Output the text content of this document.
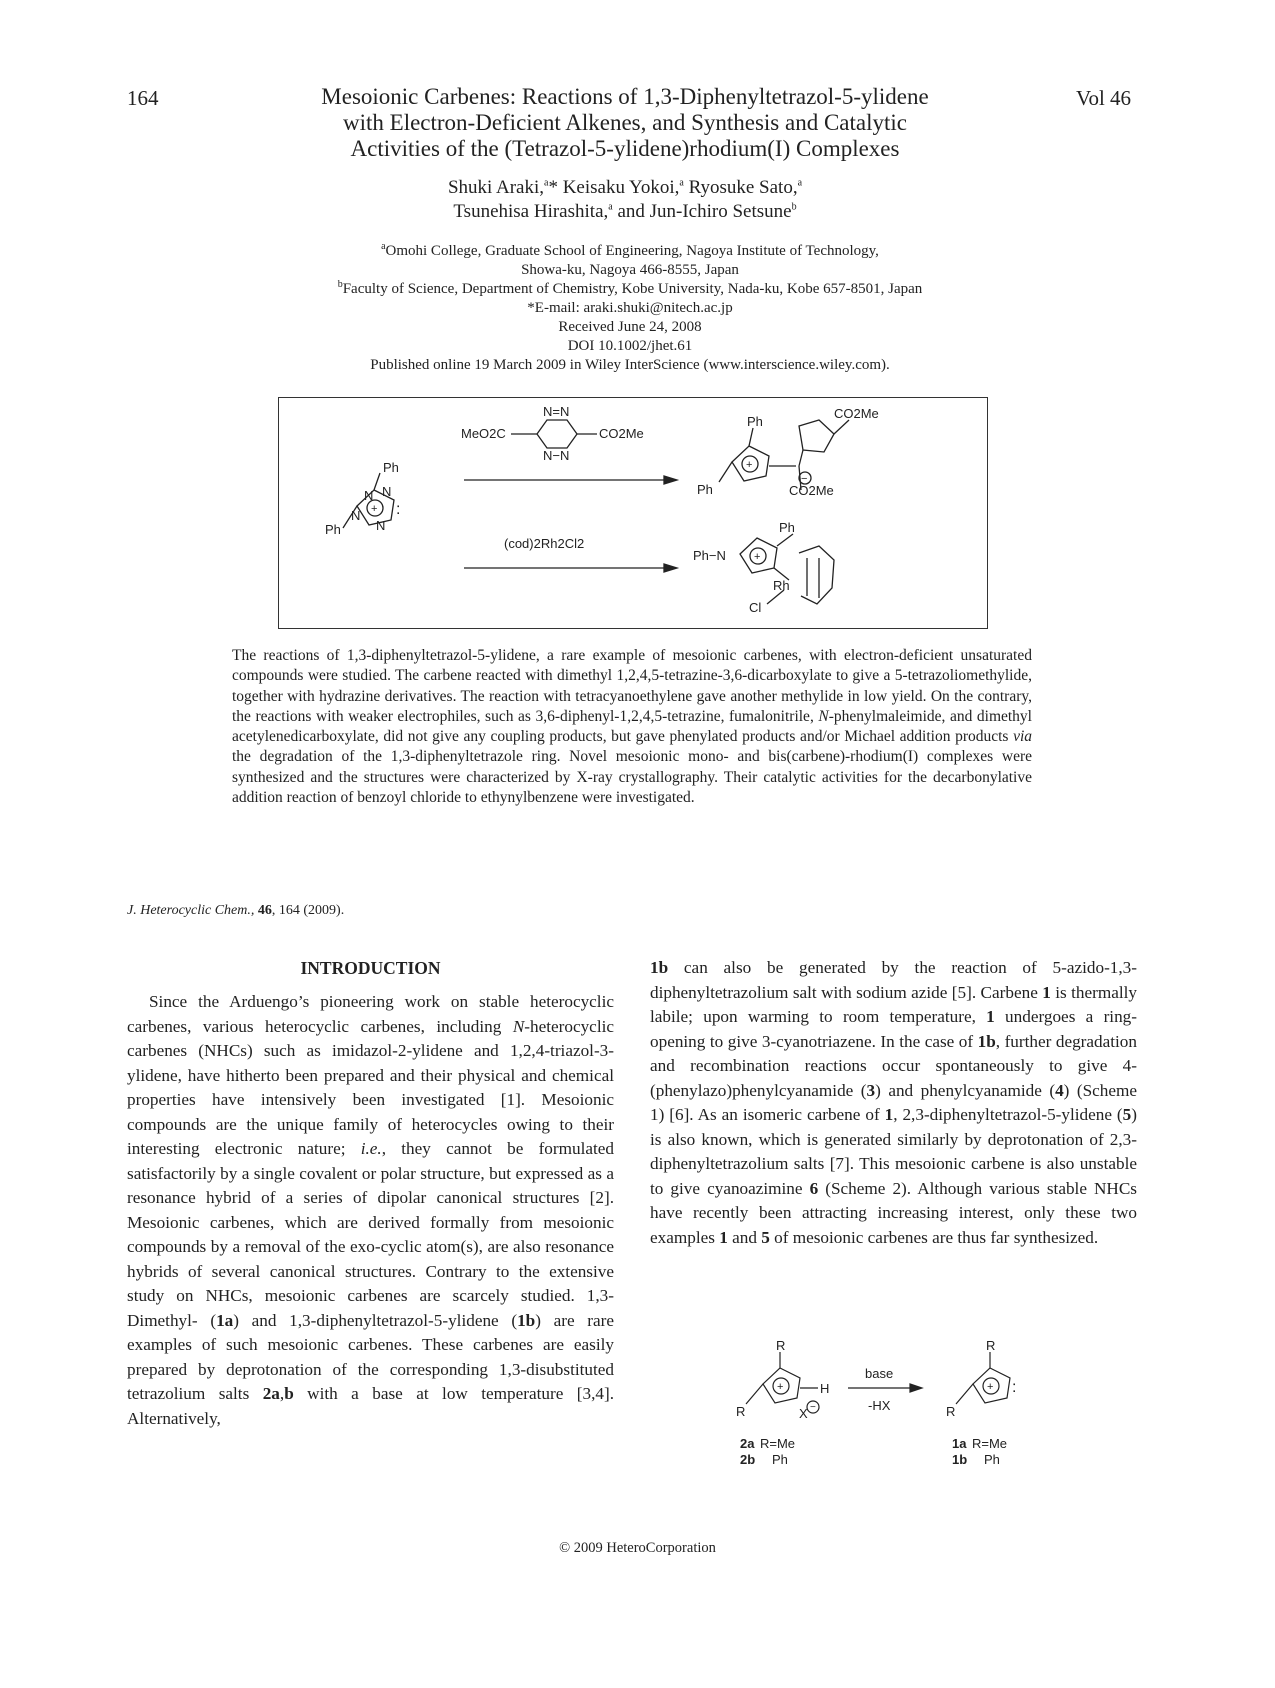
164	Vol 46
Mesoionic Carbenes: Reactions of 1,3-Diphenyltetrazol-5-ylidene
with Electron-Deficient Alkenes, and Synthesis and Catalytic
Activities of the (Tetrazol-5-ylidene)rhodium(I) Complexes
Shuki Araki,$^a$* Keisaku Yokoi,$^a$ Ryosuke Sato,$^a$
Tsunehisa Hirashita,$^a$ and Jun-Ichiro Setsune$^b$
$^a$Omohi College, Graduate School of Engineering, Nagoya Institute of Technology,
Showa-ku, Nagoya 466-8555, Japan
$^b$Faculty of Science, Department of Chemistry, Kobe University, Nada-ku, Kobe 657-8501, Japan
*E-mail: araki.shuki@nitech.ac.jp
Received June 24, 2008
DOI 10.1002/jhet.61
Published online 19 March 2009 in Wiley InterScience (www.interscience.wiley.com).
Ph
N N
N
N
+ :
Ph
N=N
N−N
MeO2C	CO2Me
(cod)2Rh2Cl2
Ph
Ph
+
−
CO2Me
CO2Me
Ph
Ph−N	+
Rh
Cl
The reactions of 1,3-diphenyltetrazol-5-ylidene, a rare example of mesoionic carbenes, with electron-deficient unsaturated compounds were studied. The carbene reacted with dimethyl 1,2,4,5-tetrazine-3,6-dicarboxylate to give a 5-tetrazoliomethylide, together with hydrazine derivatives. The reaction with tetracyanoethylene gave another methylide in low yield. On the contrary, the reactions with weaker electrophiles, such as 3,6-diphenyl-1,2,4,5-tetrazine, fumalonitrile, N-phenylmaleimide, and dimethyl acetylenedicarboxylate, did not give any coupling products, but gave phenylated products and/or Michael addition products via the degradation of the 1,3-diphenyltetrazole ring. Novel mesoionic mono- and bis(carbene)-rhodium(I) complexes were synthesized and the structures were characterized by X-ray crystallography. Their catalytic activities for the decarbonylative addition reaction of benzoyl chloride to ethynylbenzene were investigated.
J. Heterocyclic Chem., 46, 164 (2009).
INTRODUCTION

Since the Arduengo’s pioneering work on stable heterocyclic carbenes, various heterocyclic carbenes, including N-heterocyclic carbenes (NHCs) such as imidazol-2-ylidene and 1,2,4-triazol-3-ylidene, have hitherto been prepared and their physical and chemical properties have intensively been investigated [1]. Mesoionic compounds are the unique family of heterocycles owing to their interesting electronic nature; i.e., they cannot be formulated satisfactorily by a single covalent or polar structure, but expressed as a resonance hybrid of a series of dipolar canonical structures [2]. Mesoionic carbenes, which are derived formally from mesoionic compounds by a removal of the exo-cyclic atom(s), are also resonance hybrids of several canonical structures. Contrary to the extensive study on NHCs, mesoionic carbenes are scarcely studied. 1,3-Dimethyl- (1a) and 1,3-diphenyltetrazol-5-ylidene (1b) are rare examples of such mesoionic carbenes. These carbenes are easily prepared by deprotonation of the corresponding 1,3-disubstituted tetrazolium salts 2a,b with a base at low temperature [3,4]. Alternatively,

1b can also be generated by the reaction of 5-azido-1,3-diphenyltetrazolium salt with sodium azide [5]. Carbene 1 is thermally labile; upon warming to room temperature, 1 undergoes a ring-opening to give 3-cyanotriazene. In the case of 1b, further degradation and recombination reactions occur spontaneously to give 4-(phenylazo)phenylcyanamide (3) and phenylcyanamide (4) (Scheme 1) [6]. As an isomeric carbene of 1, 2,3-diphenyltetrazol-5-ylidene (5) is also known, which is generated similarly by deprotonation of 2,3-diphenyltetrazolium salts [7]. This mesoionic carbene is also unstable to give cyanoazimine 6 (Scheme 2). Although various stable NHCs have recently been attracting increasing interest, only these two examples 1 and 5 of mesoionic carbenes are thus far synthesized.

R
R
H
X −
+
base
-HX
R
R
+ :
2a R=Me
2b Ph
1a R=Me
1b Ph
© 2009 HeteroCorporation
